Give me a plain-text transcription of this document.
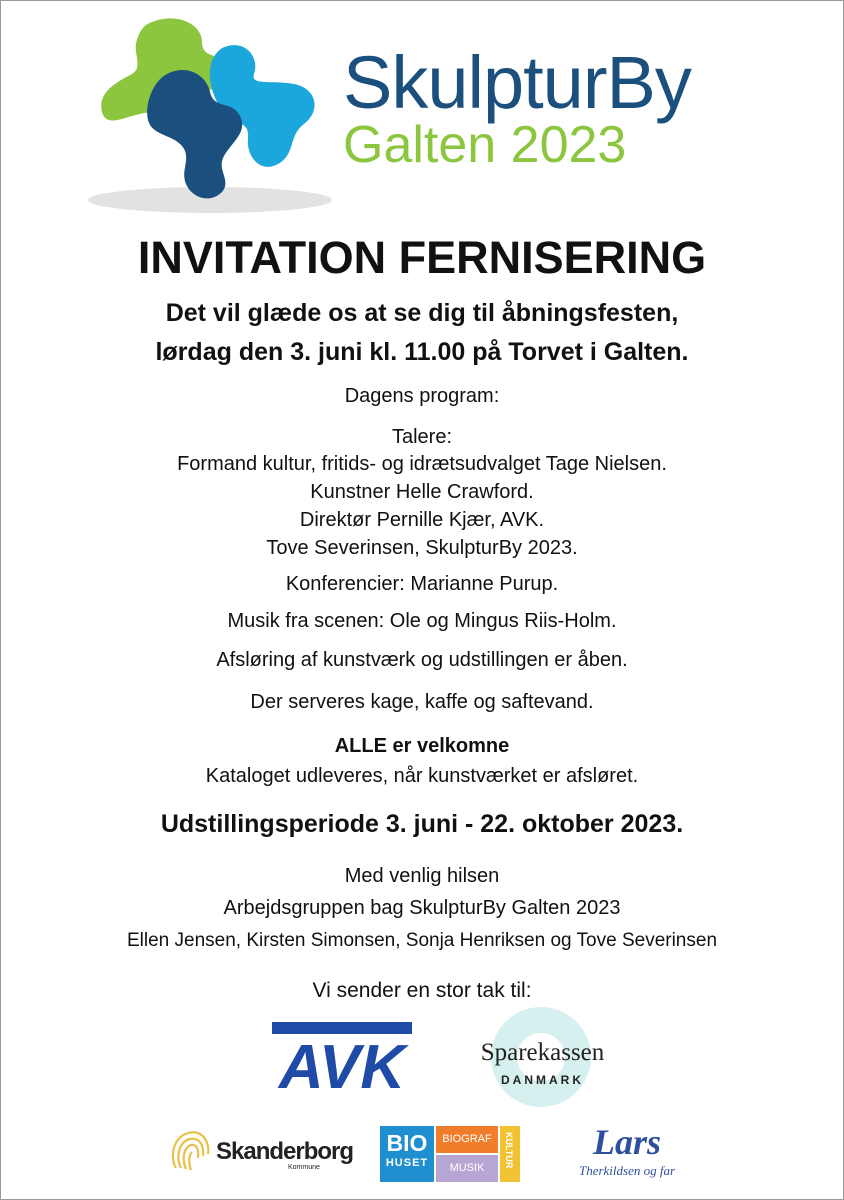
SkulpturBy
Galten 2023
INVITATION FERNISERING
Det vil glæde os at se dig til åbningsfesten,
lørdag den 3. juni kl. 11.00 på Torvet i Galten.
Dagens program:
Talere:
Formand kultur, fritids- og idrætsudvalget Tage Nielsen.
Kunstner Helle Crawford.
Direktør Pernille Kjær, AVK.
Tove Severinsen, SkulpturBy 2023.
Konferencier: Marianne Purup.
Musik fra scenen: Ole og Mingus Riis-Holm.
Afsløring af kunstværk og udstillingen er åben.
Der serveres kage, kaffe og saftevand.
ALLE er velkomne
Kataloget udleveres, når kunstværket er afsløret.
Udstillingsperiode 3. juni - 22. oktober 2023.
Med venlig hilsen
Arbejdsgruppen bag SkulpturBy Galten 2023
Ellen Jensen, Kirsten Simonsen, Sonja Henriksen og Tove Severinsen
Vi sender en stor tak til:
AVK	Sparekassen
DANMARK
Skanderborg
Kommune
BIO
HUSET
BIOGRAF
MUSIK	KULTUR	Lars
Therkildsen og far
